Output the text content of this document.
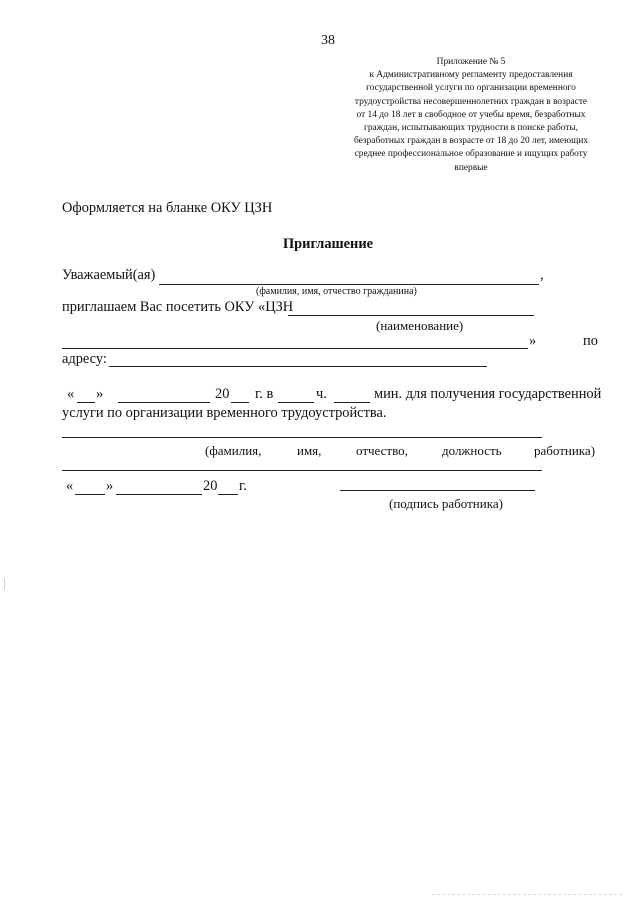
38
Приложение № 5
к Административному регламенту предоставления
государственной услуги по организации временного
трудоустройства несовершеннолетних граждан в возрасте
от 14 до 18 лет в свободное от учебы время, безработных
граждан, испытывающих трудности в поиске работы,
безработных граждан в возрасте от 18 до 20 лет, имеющих
среднее профессиональное образование и ищущих работу
впервые
Оформляется на бланке ОКУ ЦЗН
Приглашение
Уважаемый(ая)	,
(фамилия, имя, отчество гражданина)
приглашаем Вас посетить ОКУ «ЦЗН
(наименование)
»	по
адресу:
« »	20 г. в	ч.	мин. для получения государственной
услуги по организации временного трудоустройства.
(фамилия,	имя,	отчество,	должность работника)
« »	20 г.
(подпись работника)
